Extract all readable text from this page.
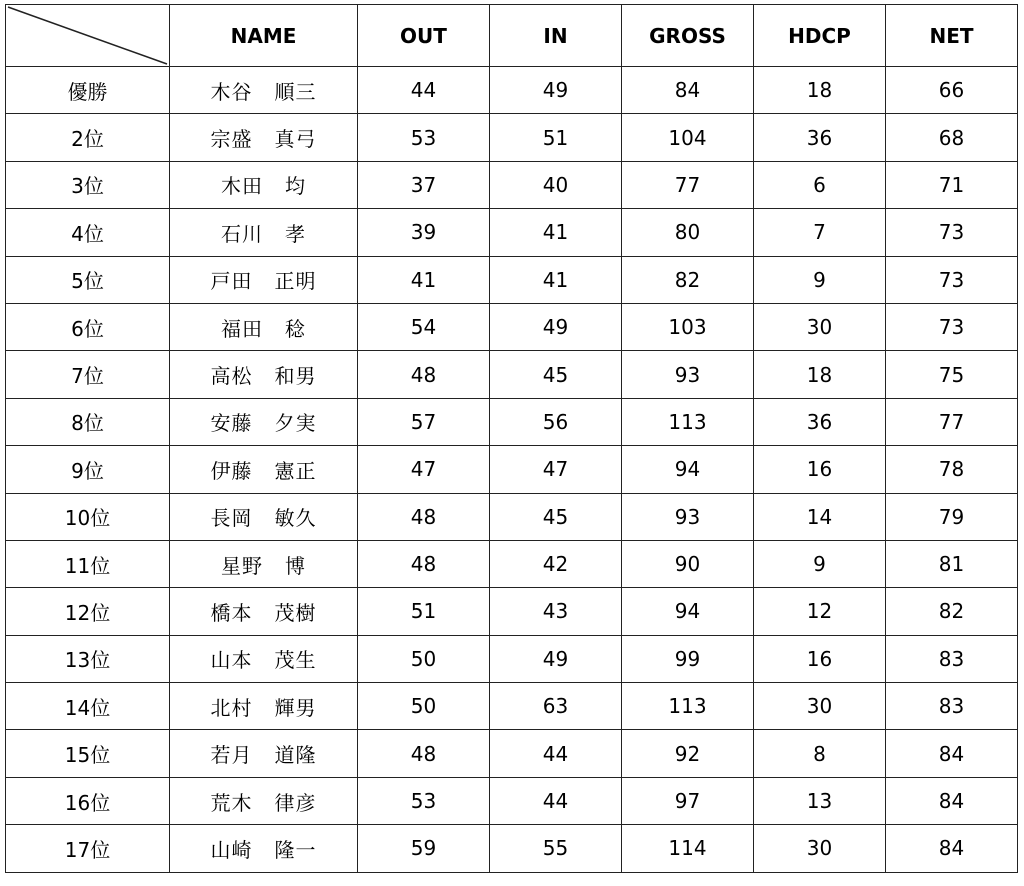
	NAME	OUT	IN	GROSS	HDCP	NET
優勝	木谷 順三	44	49	84	18	66
2位	宗盛 真弓	53	51	104	36	68
3位	木田 均	37	40	77	6	71
4位	石川 孝	39	41	80	7	73
5位	戸田 正明	41	41	82	9	73
6位	福田 稔	54	49	103	30	73
7位	高松 和男	48	45	93	18	75
8位	安藤 夕実	57	56	113	36	77
9位	伊藤 憲正	47	47	94	16	78
10位	長岡 敏久	48	45	93	14	79
11位	星野 博	48	42	90	9	81
12位	橋本 茂樹	51	43	94	12	82
13位	山本 茂生	50	49	99	16	83
14位	北村 輝男	50	63	113	30	83
15位	若月 道隆	48	44	92	8	84
16位	荒木 律彦	53	44	97	13	84
17位	山崎 隆一	59	55	114	30	84
